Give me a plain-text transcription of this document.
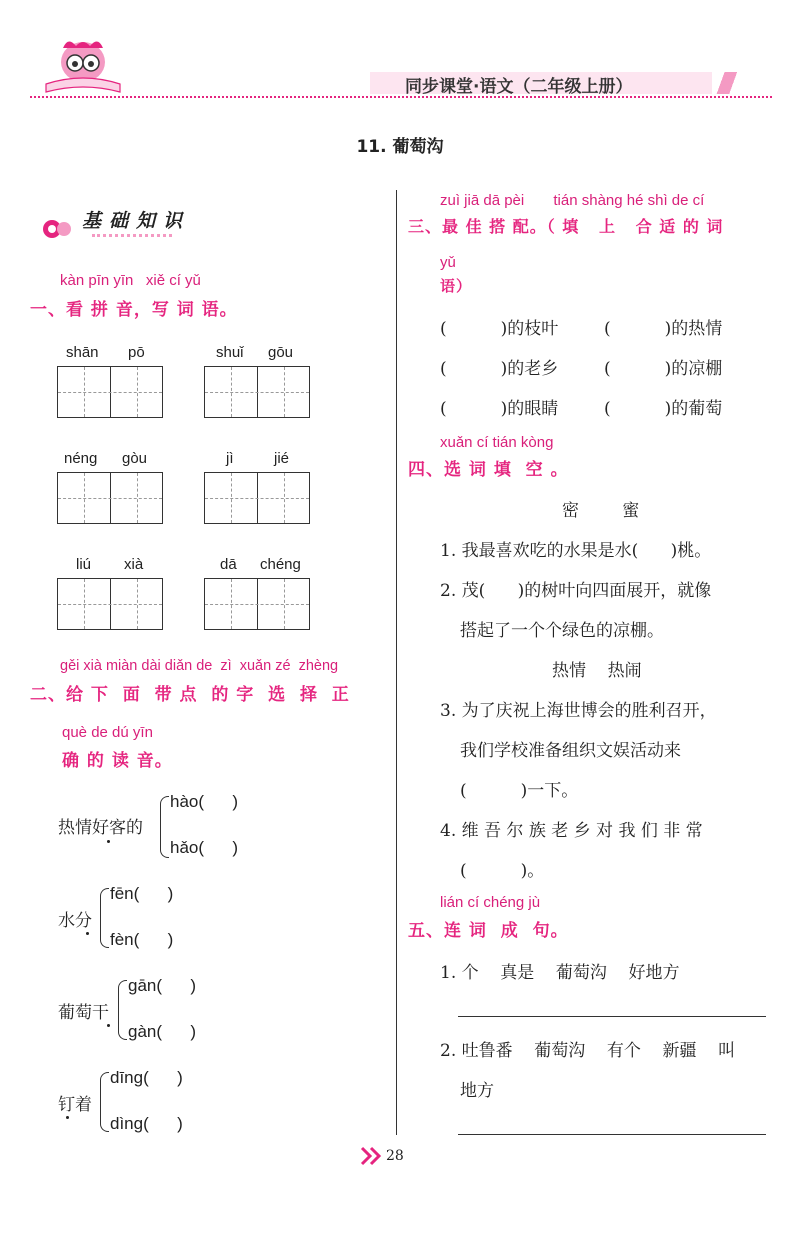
同步课堂·语文（二年级上册）
11. 葡萄沟
基础知识
kàn pīn yīn   xiě cí yǔ
一、看 拼 音，写 词 语。
shān pō	shuǐ gōu
néng gòu	jì	jié
liú xià	dā chéng
gěi xià miàn dài diǎn de  zì  xuǎn zé  zhèng
二、给 下  面  带 点  的 字  选  择  正
què de dú yīn
确 的 读 音。
热情好客的
hào(      )
hǎo(      )
水分
fēn(      )
fèn(      )
葡萄干
gān(      )
gàn(      )
钉着
dīng(      )
dìng(      )
zuì jiā dā pèi       tián shàng hé shì de cí
三、最 佳 搭 配。（ 填   上   合 适 的 词
yǔ
语）
(          )的枝叶	(          )的热情
(          )的老乡	(          )的凉棚
(          )的眼睛	(          )的葡萄
xuǎn cí tián kòng
四、选 词 填  空 。
密        蜜
1. 我最喜欢吃的水果是水(      )桃。
2. 茂(      )的树叶向四面展开，就像
搭起了一个个绿色的凉棚。
热情    热闹
3. 为了庆祝上海世博会的胜利召开，
我们学校准备组织文娱活动来
(          )一下。
4. 维 吾 尔 族 老 乡 对 我 们 非 常
(          )。
lián cí chéng jù
五、连 词  成  句。
1. 个    真是    葡萄沟    好地方
2. 吐鲁番    葡萄沟    有个    新疆    叫
地方
28
